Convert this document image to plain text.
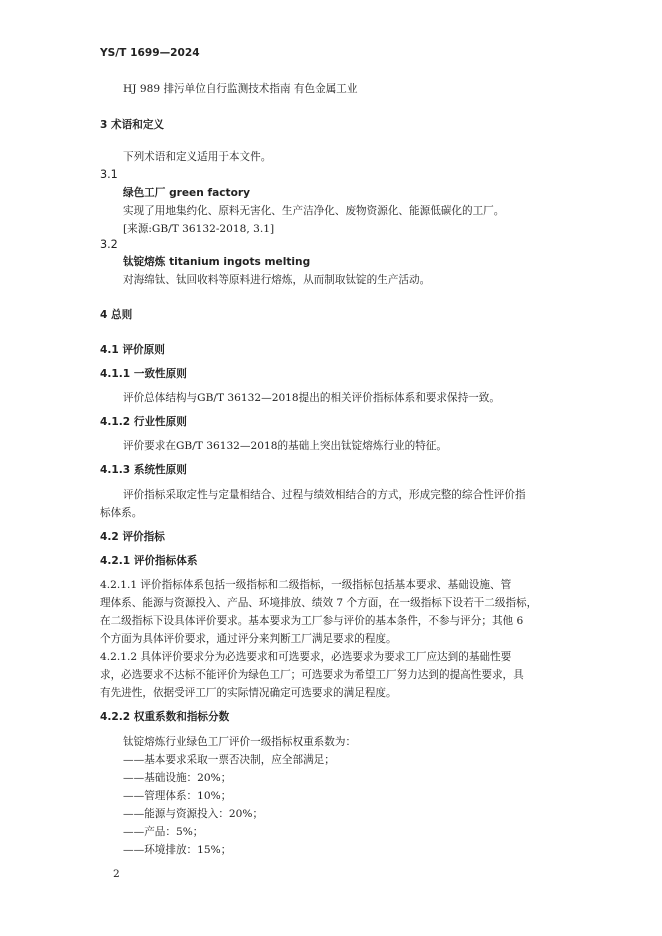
YS/T 1699—2024
HJ 989 排污单位自行监测技术指南 有色金属工业
3 术语和定义
下列术语和定义适用于本文件。
3.1
绿色工厂 green factory
实现了用地集约化、原料无害化、生产洁净化、废物资源化、能源低碳化的工厂。
[来源:GB/T 36132-2018, 3.1]
3.2
钛锭熔炼 titanium ingots melting
对海绵钛、钛回收料等原料进行熔炼，从而制取钛锭的生产活动。
4 总则
4.1 评价原则
4.1.1 一致性原则
评价总体结构与GB/T 36132—2018提出的相关评价指标体系和要求保持一致。
4.1.2 行业性原则
评价要求在GB/T 36132—2018的基础上突出钛锭熔炼行业的特征。
4.1.3 系统性原则
评价指标采取定性与定量相结合、过程与绩效相结合的方式，形成完整的综合性评价指
标体系。
4.2 评价指标
4.2.1 评价指标体系
4.2.1.1 评价指标体系包括一级指标和二级指标，一级指标包括基本要求、基础设施、管
理体系、能源与资源投入、产品、环境排放、绩效 7 个方面，在一级指标下设若干二级指标，
在二级指标下设具体评价要求。基本要求为工厂参与评价的基本条件，不参与评分；其他 6
个方面为具体评价要求，通过评分来判断工厂满足要求的程度。
4.2.1.2 具体评价要求分为必选要求和可选要求，必选要求为要求工厂应达到的基础性要
求，必选要求不达标不能评价为绿色工厂；可选要求为希望工厂努力达到的提高性要求，具
有先进性，依据受评工厂的实际情况确定可选要求的满足程度。
4.2.2 权重系数和指标分数
钛锭熔炼行业绿色工厂评价一级指标权重系数为：
——基本要求采取一票否决制，应全部满足；
——基础设施：20%；
——管理体系：10%；
——能源与资源投入：20%；
——产品：5%；
——环境排放：15%；
2
